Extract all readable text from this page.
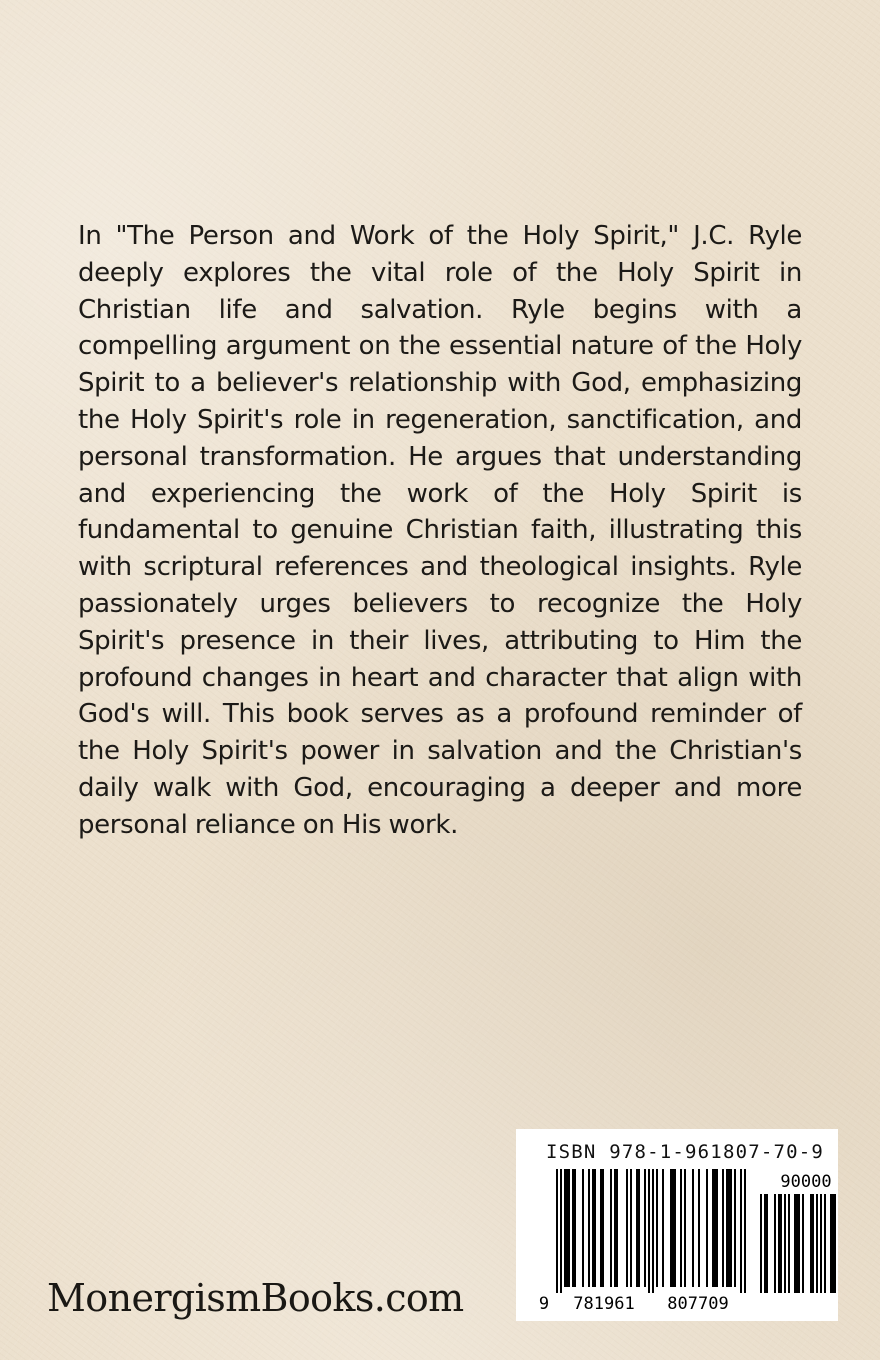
In "The Person and Work of the Holy Spirit," J.C. Ryle deeply explores the vital role of the Holy Spirit in Christian life and salvation. Ryle begins with a compelling argument on the essential nature of the Holy Spirit to a believer's relationship with God, emphasizing the Holy Spirit's role in regeneration, sanctification, and personal transformation. He argues that understanding and experiencing the work of the Holy Spirit is fundamental to genuine Christian faith, illustrating this with scriptural references and theological insights. Ryle passionately urges believers to recognize the Holy Spirit's presence in their lives, attributing to Him the profound changes in heart and character that align with God's will. This book serves as a profound reminder of the Holy Spirit's power in salvation and the Christian's daily walk with God, encouraging a deeper and more personal reliance on His work.

MonergismBooks.com
ISBN 978-1-961807-70-9
9 781961 807709
90000
